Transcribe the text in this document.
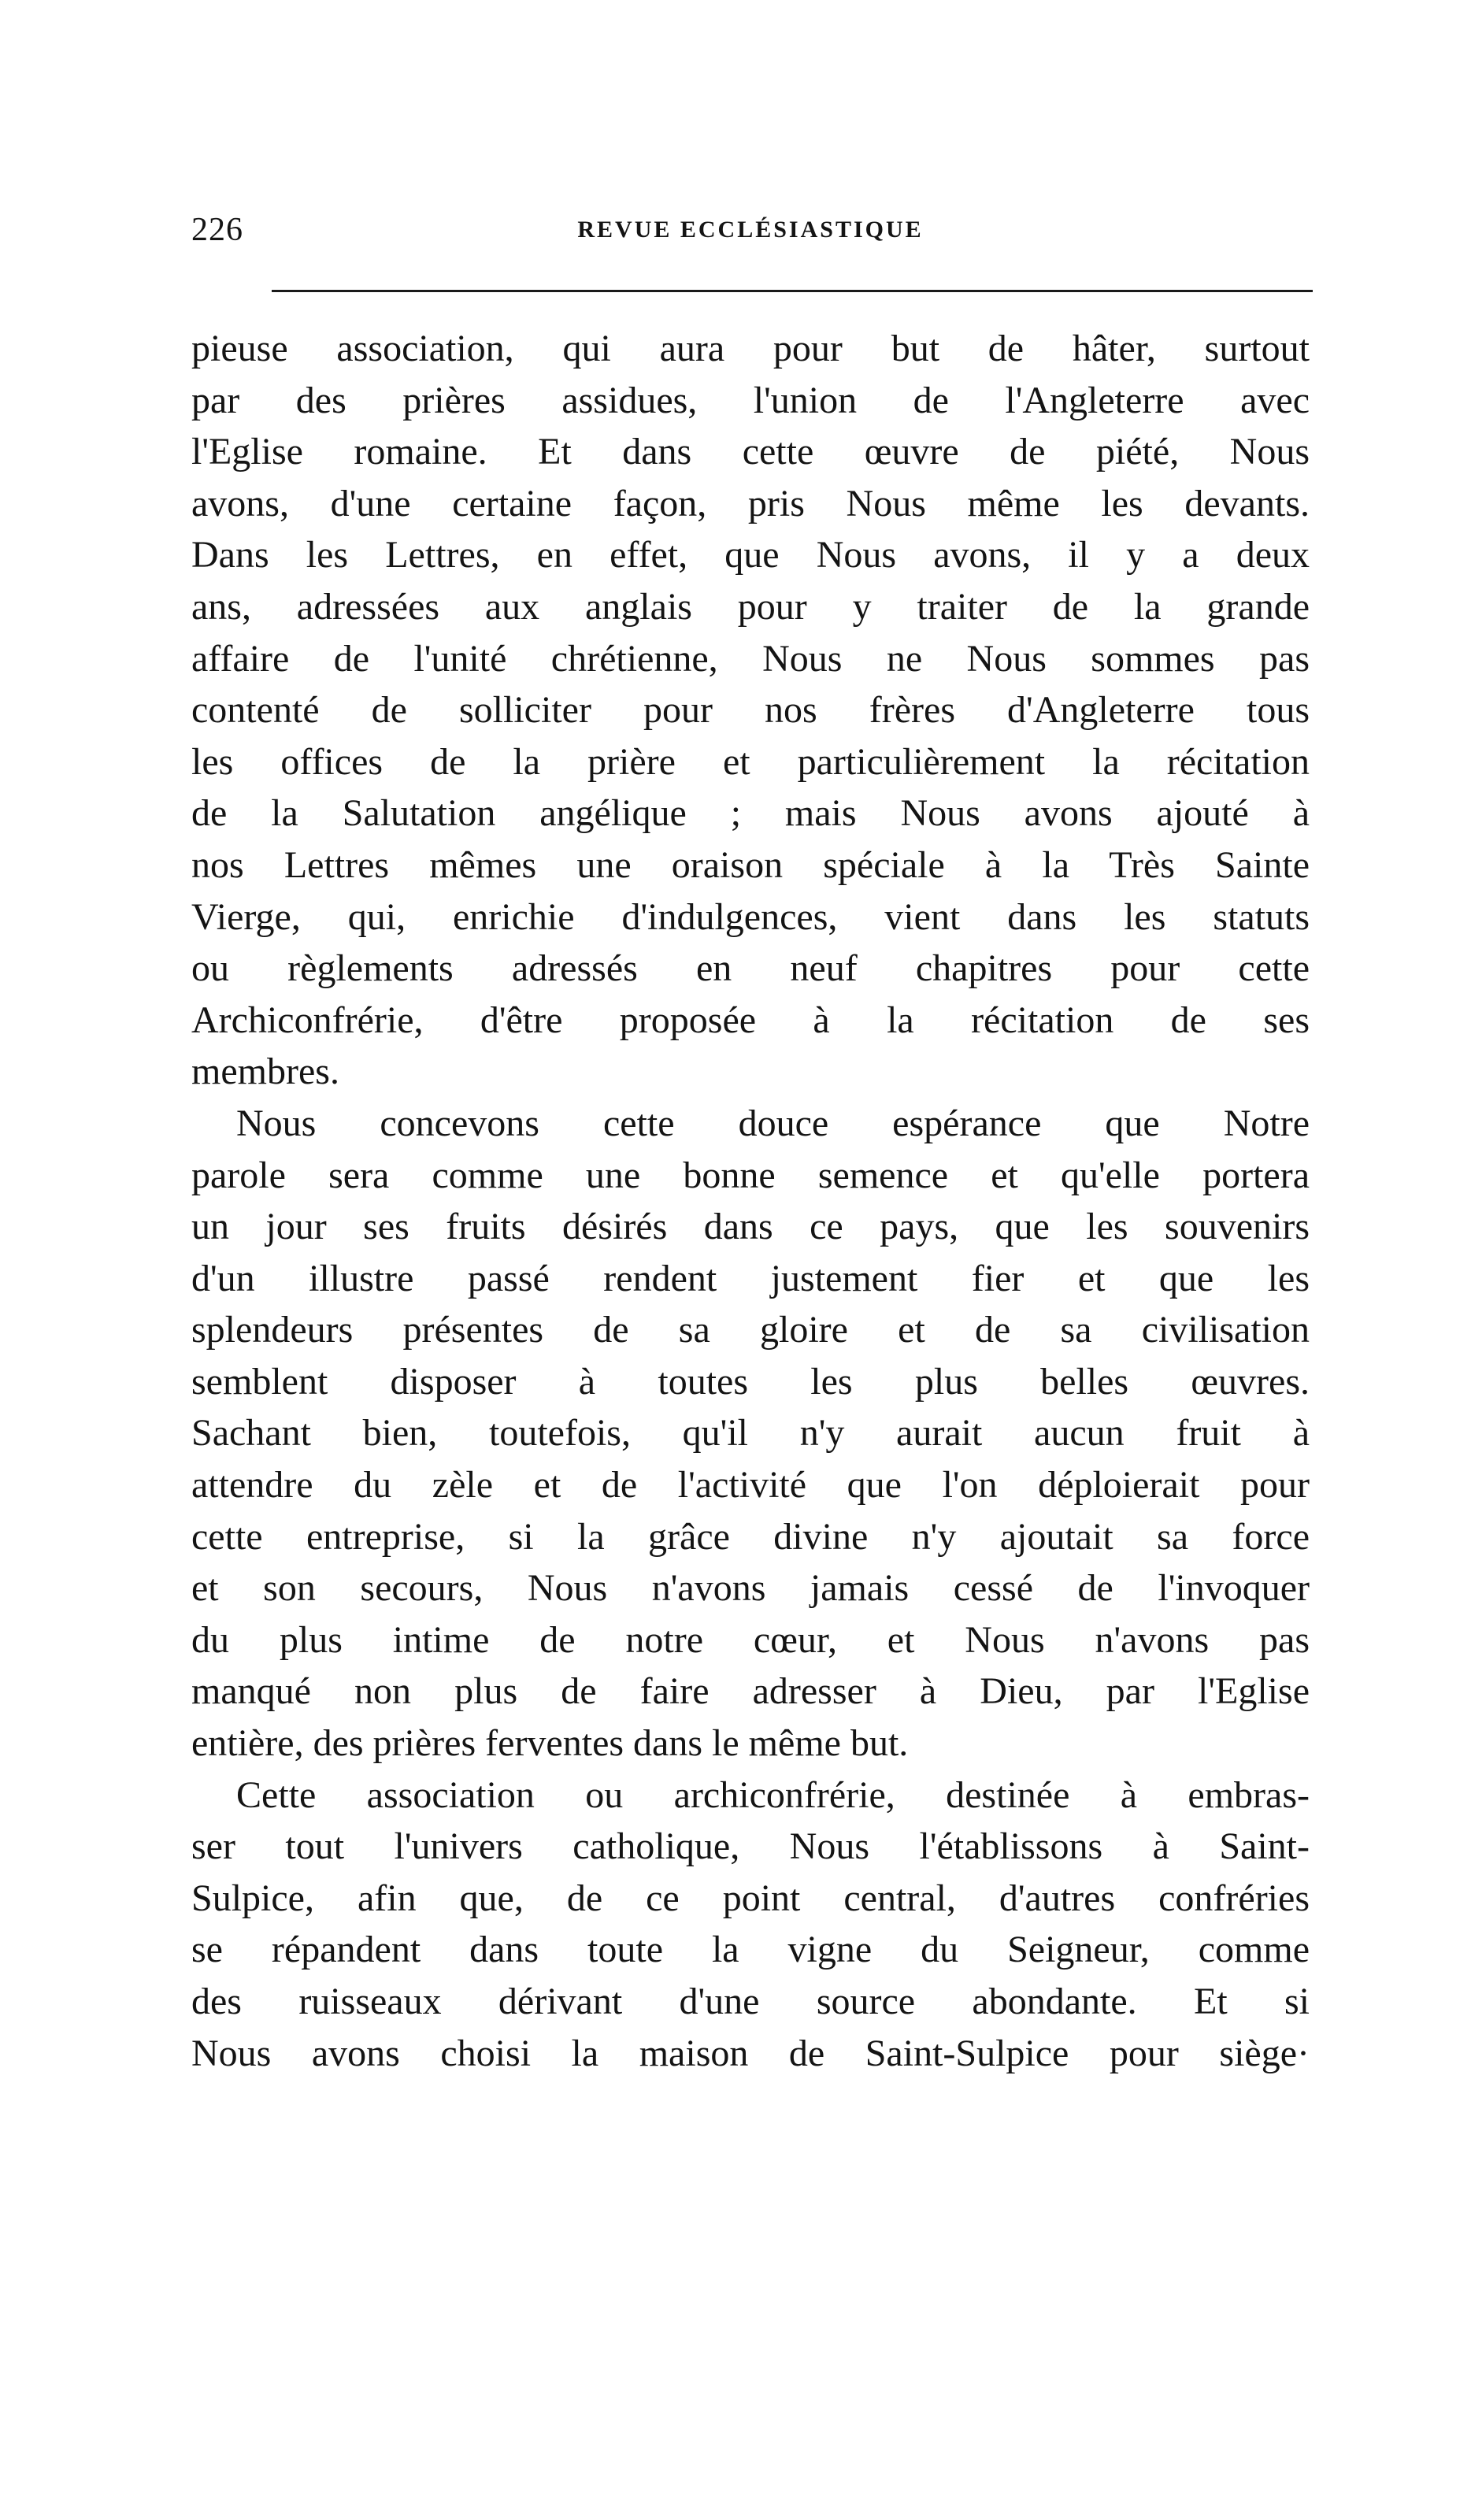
226	REVUE ECCLÉSIASTIQUE
pieuse association, qui aura pour but de hâter, surtout
par des prières assidues, l'union de l'Angleterre avec
l'Eglise romaine. Et dans cette œuvre de piété, Nous
avons, d'une certaine façon, pris Nous même les devants.
Dans les Lettres, en effet, que Nous avons, il y a deux
ans, adressées aux anglais pour y traiter de la grande
affaire de l'unité chrétienne, Nous ne Nous sommes pas
contenté de solliciter pour nos frères d'Angleterre tous
les offices de la prière et particulièrement la récitation
de la Salutation angélique ; mais Nous avons ajouté à
nos Lettres mêmes une oraison spéciale à la Très Sainte
Vierge, qui, enrichie d'indulgences, vient dans les statuts
ou règlements adressés en neuf chapitres pour cette
Archiconfrérie, d'être proposée à la récitation de ses
membres.
Nous concevons cette douce espérance que Notre
parole sera comme une bonne semence et qu'elle portera
un jour ses fruits désirés dans ce pays, que les souvenirs
d'un illustre passé rendent justement fier et que les
splendeurs présentes de sa gloire et de sa civilisation
semblent disposer à toutes les plus belles œuvres.
Sachant bien, toutefois, qu'il n'y aurait aucun fruit à
attendre du zèle et de l'activité que l'on déploierait pour
cette entreprise, si la grâce divine n'y ajoutait sa force
et son secours, Nous n'avons jamais cessé de l'invoquer
du plus intime de notre cœur, et Nous n'avons pas
manqué non plus de faire adresser à Dieu, par l'Eglise
entière, des prières ferventes dans le même but.
Cette association ou archiconfrérie, destinée à embras-
ser tout l'univers catholique, Nous l'établissons à Saint-
Sulpice, afin que, de ce point central, d'autres confréries
se répandent dans toute la vigne du Seigneur, comme
des ruisseaux dérivant d'une source abondante. Et si
Nous avons choisi la maison de Saint-Sulpice pour siège·
